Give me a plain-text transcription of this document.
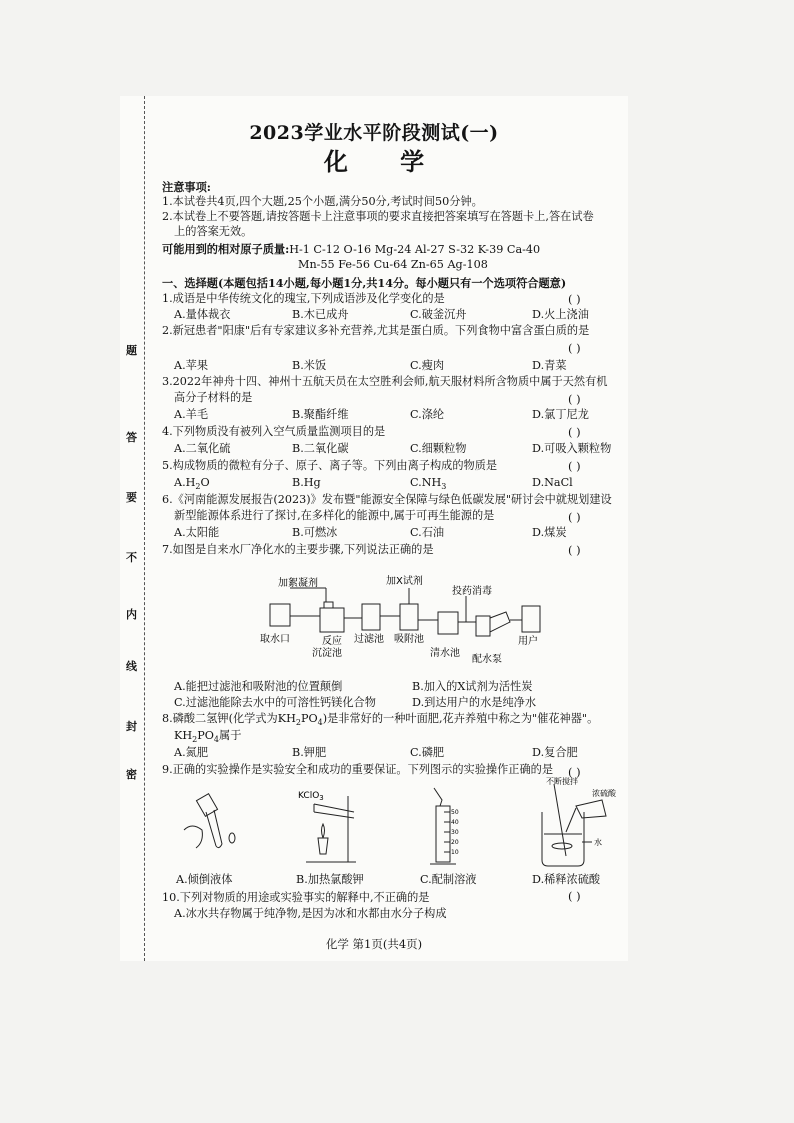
题
答
要
不
内
线
封
密
2023学业水平阶段测试(一)
化 学
注意事项:
1.本试卷共4页,四个大题,25个小题,满分50分,考试时间50分钟。
2.本试卷上不要答题,请按答题卡上注意事项的要求直接把答案填写在答题卡上,答在试卷
上的答案无效。
可能用到的相对原子质量:H-1 C-12 O-16 Mg-24 Al-27 S-32 K-39 Ca-40
Mn-55 Fe-56 Cu-64 Zn-65 Ag-108
一、选择题(本题包括14小题,每小题1分,共14分。每小题只有一个选项符合题意)
1.成语是中华传统文化的瑰宝,下列成语涉及化学变化的是	( )
A.量体裁衣	B.木已成舟	C.破釜沉舟	D.火上浇油
2.新冠患者"阳康"后有专家建议多补充营养,尤其是蛋白质。下列食物中富含蛋白质的是
( )
A.苹果	B.米饭	C.瘦肉	D.青菜
3.2022年神舟十四、神州十五航天员在太空胜利会师,航天服材料所含物质中属于天然有机
高分子材料的是	( )
A.羊毛	B.聚酯纤维	C.涤纶	D.氯丁尼龙
4.下列物质没有被列入空气质量监测项目的是	( )
A.二氧化硫	B.二氧化碳	C.细颗粒物	D.可吸入颗粒物
5.构成物质的微粒有分子、原子、离子等。下列由离子构成的物质是	( )
$A.H_2O$	B.Hg	$C.NH_3$	D.NaCl
6.《河南能源发展报告(2023)》发布暨"能源安全保障与绿色低碳发展"研讨会中就规划建设
新型能源体系进行了探讨,在多样化的能源中,属于可再生能源的是	( )
A.太阳能	B.可燃冰	C.石油	D.煤炭
7.如图是自来水厂净化水的主要步骤,下列说法正确的是	( )
加絮凝剂	加X试剂
投药消毒
取水口	反应
沉淀池
过滤池 吸附池
清水池
配水泵
用户
A.能把过滤池和吸附池的位置颠倒	B.加入的X试剂为活性炭
C.过滤池能除去水中的可溶性钙镁化合物	D.到达用户的水是纯净水
8.磷酸二氢钾(化学式为$KH_2PO_4$)是非常好的一种叶面肥,花卉养殖中称之为"催花神器"。
$KH_2PO_4$属于
A.氮肥	B.钾肥	C.磷肥	D.复合肥
9.正确的实验操作是实验安全和成功的重要保证。下列图示的实验操作正确的是 ( )
KClO$_3$
50
40
30
20
10
不断搅拌
浓硫酸
水
A.倾倒液体	B.加热氯酸钾	C.配制溶液	D.稀释浓硫酸
10.下列对物质的用途或实验事实的解释中,不正确的是	( )
A.冰水共存物属于纯净物,是因为冰和水都由水分子构成
化学 第1页(共4页)
